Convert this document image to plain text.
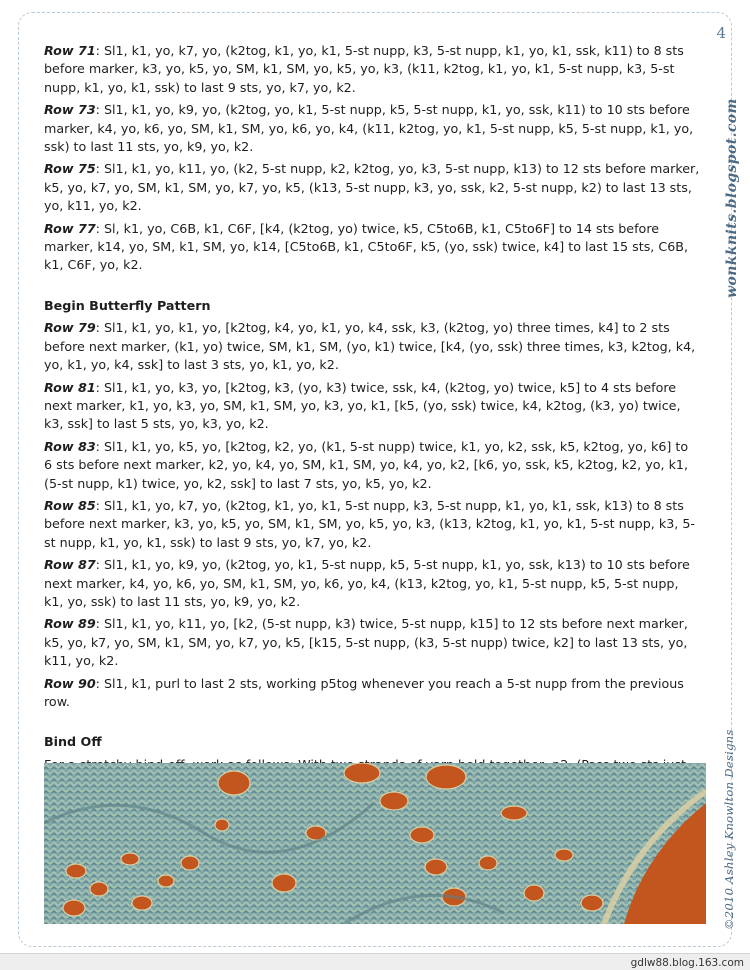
4
wonkknits.blogspot.com
©2010 Ashley Knowlton Designs

Row 71: Sl1, k1, yo, k7, yo, (k2tog, k1, yo, k1, 5-st nupp, k3, 5-st nupp, k1, yo, k1, ssk, k11) to 8 sts before marker, k3, yo, k5, yo, SM, k1, SM, yo, k5, yo, k3, (k11, k2tog, k1, yo, k1, 5-st nupp, k3, 5-st nupp, k1, yo, k1, ssk) to last 9 sts, yo, k7, yo, k2.

Row 73: Sl1, k1, yo, k9, yo, (k2tog, yo, k1, 5-st nupp, k5, 5-st nupp, k1, yo, ssk, k11) to 10 sts before marker, k4, yo, k6, yo, SM, k1, SM, yo, k6, yo, k4, (k11, k2tog, yo, k1, 5-st nupp, k5, 5-st nupp, k1, yo, ssk) to last 11 sts, yo, k9, yo, k2.

Row 75: Sl1, k1, yo, k11, yo, (k2, 5-st nupp, k2, k2tog, yo, k3, 5-st nupp, k13) to 12 sts before marker, k5, yo, k7, yo, SM, k1, SM, yo, k7, yo, k5, (k13, 5-st nupp, k3, yo, ssk, k2, 5-st nupp, k2) to last 13 sts, yo, k11, yo, k2.

Row 77: Sl, k1, yo, C6B, k1, C6F, [k4, (k2tog, yo) twice, k5, C5to6B, k1, C5to6F] to 14 sts before marker, k14, yo, SM, k1, SM, yo, k14, [C5to6B, k1, C5to6F, k5, (yo, ssk) twice, k4] to last 15 sts, C6B, k1, C6F, yo, k2.

Begin Butterfly Pattern

Row 79: Sl1, k1, yo, k1, yo, [k2tog, k4, yo, k1, yo, k4, ssk, k3, (k2tog, yo) three times, k4] to 2 sts before next marker, (k1, yo) twice, SM, k1, SM, (yo, k1) twice, [k4, (yo, ssk) three times, k3, k2tog, k4, yo, k1, yo, k4, ssk] to last 3 sts, yo, k1, yo, k2.

Row 81: Sl1, k1, yo, k3, yo, [k2tog, k3, (yo, k3) twice, ssk, k4, (k2tog, yo) twice, k5] to 4 sts before next marker, k1, yo, k3, yo, SM, k1, SM, yo, k3, yo, k1, [k5, (yo, ssk) twice, k4, k2tog, (k3, yo) twice, k3, ssk] to last 5 sts, yo, k3, yo, k2.

Row 83: Sl1, k1, yo, k5, yo, [k2tog, k2, yo, (k1, 5-st nupp) twice, k1, yo, k2, ssk, k5, k2tog, yo, k6] to 6 sts before next marker, k2, yo, k4, yo, SM, k1, SM, yo, k4, yo, k2, [k6, yo, ssk, k5, k2tog, k2, yo, k1, (5-st nupp, k1) twice, yo, k2, ssk] to last 7 sts, yo, k5, yo, k2.

Row 85: Sl1, k1, yo, k7, yo, (k2tog, k1, yo, k1, 5-st nupp, k3, 5-st nupp, k1, yo, k1, ssk, k13) to 8 sts before next marker, k3, yo, k5, yo, SM, k1, SM, yo, k5, yo, k3, (k13, k2tog, k1, yo, k1, 5-st nupp, k3, 5-st nupp, k1, yo, k1, ssk) to last 9 sts, yo, k7, yo, k2.

Row 87: Sl1, k1, yo, k9, yo, (k2tog, yo, k1, 5-st nupp, k5, 5-st nupp, k1, yo, ssk, k13) to 10 sts before next marker, k4, yo, k6, yo, SM, k1, SM, yo, k6, yo, k4, (k13, k2tog, yo, k1, 5-st nupp, k5, 5-st nupp, k1, yo, ssk) to last 11 sts, yo, k9, yo, k2.

Row 89: Sl1, k1, yo, k11, yo, [k2, (5-st nupp, k3) twice, 5-st nupp, k15] to 12 sts before next marker, k5, yo, k7, yo, SM, k1, SM, yo, k7, yo, k5, [k15, 5-st nupp, (k3, 5-st nupp) twice, k2] to last 13 sts, yo, k11, yo, k2.

Row 90: Sl1, k1, purl to last 2 sts, working p5tog whenever you reach a 5-st nupp from the previous row.

Bind Off

gdlw88.blog.163.com
